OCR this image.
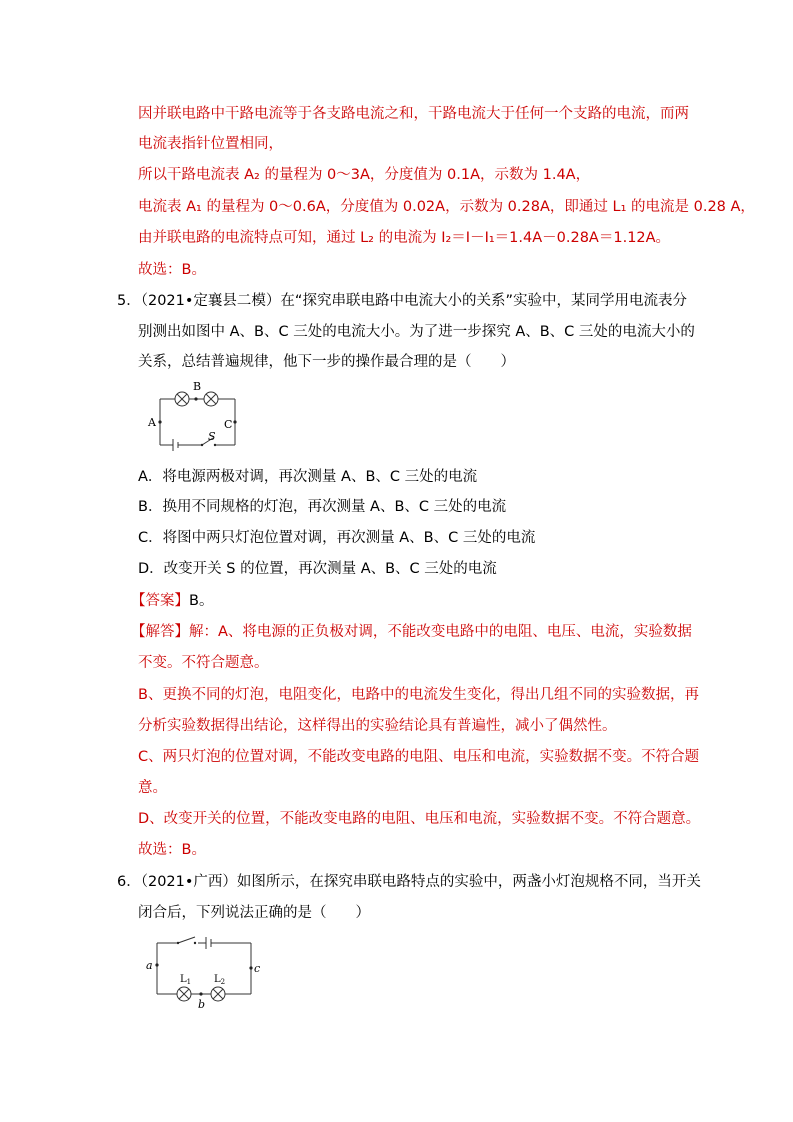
因并联电路中干路电流等于各支路电流之和，干路电流大于任何一个支路的电流，而两
电流表指针位置相同，
所以干路电流表 A₂ 的量程为 0～3A，分度值为 0.1A，示数为 1.4A，
电流表 A₁ 的量程为 0～0.6A，分度值为 0.02A，示数为 0.28A，即通过 L₁ 的电流是 0.28 A，
由并联电路的电流特点可知，通过 L₂ 的电流为 I₂＝I－I₁＝1.4A－0.28A＝1.12A。
故选：B。
5．（2021•定襄县二模）在“探究串联电路中电流大小的关系”实验中，某同学用电流表分
别测出如图中 A、B、C 三处的电流大小。为了进一步探究 A、B、C 三处的电流大小的
关系，总结普遍规律，他下一步的操作最合理的是（　　）
B
A	C
S
A．将电源两极对调，再次测量 A、B、C 三处的电流
B．换用不同规格的灯泡，再次测量 A、B、C 三处的电流
C．将图中两只灯泡位置对调，再次测量 A、B、C 三处的电流
D．改变开关 S 的位置，再次测量 A、B、C 三处的电流
【答案】B。
【解答】解：A、将电源的正负极对调，不能改变电路中的电阻、电压、电流，实验数据
不变。不符合题意。
B、更换不同的灯泡，电阻变化，电路中的电流发生变化，得出几组不同的实验数据，再
分析实验数据得出结论，这样得出的实验结论具有普遍性，减小了偶然性。
C、两只灯泡的位置对调，不能改变电路的电阻、电压和电流，实验数据不变。不符合题
意。
D、改变开关的位置，不能改变电路的电阻、电压和电流，实验数据不变。不符合题意。
故选：B。
6．（2021•广西）如图所示，在探究串联电路特点的实验中，两盏小灯泡规格不同，当开关
闭合后，下列说法正确的是（　　）
a	c
b
$L_1$ $L_2$
